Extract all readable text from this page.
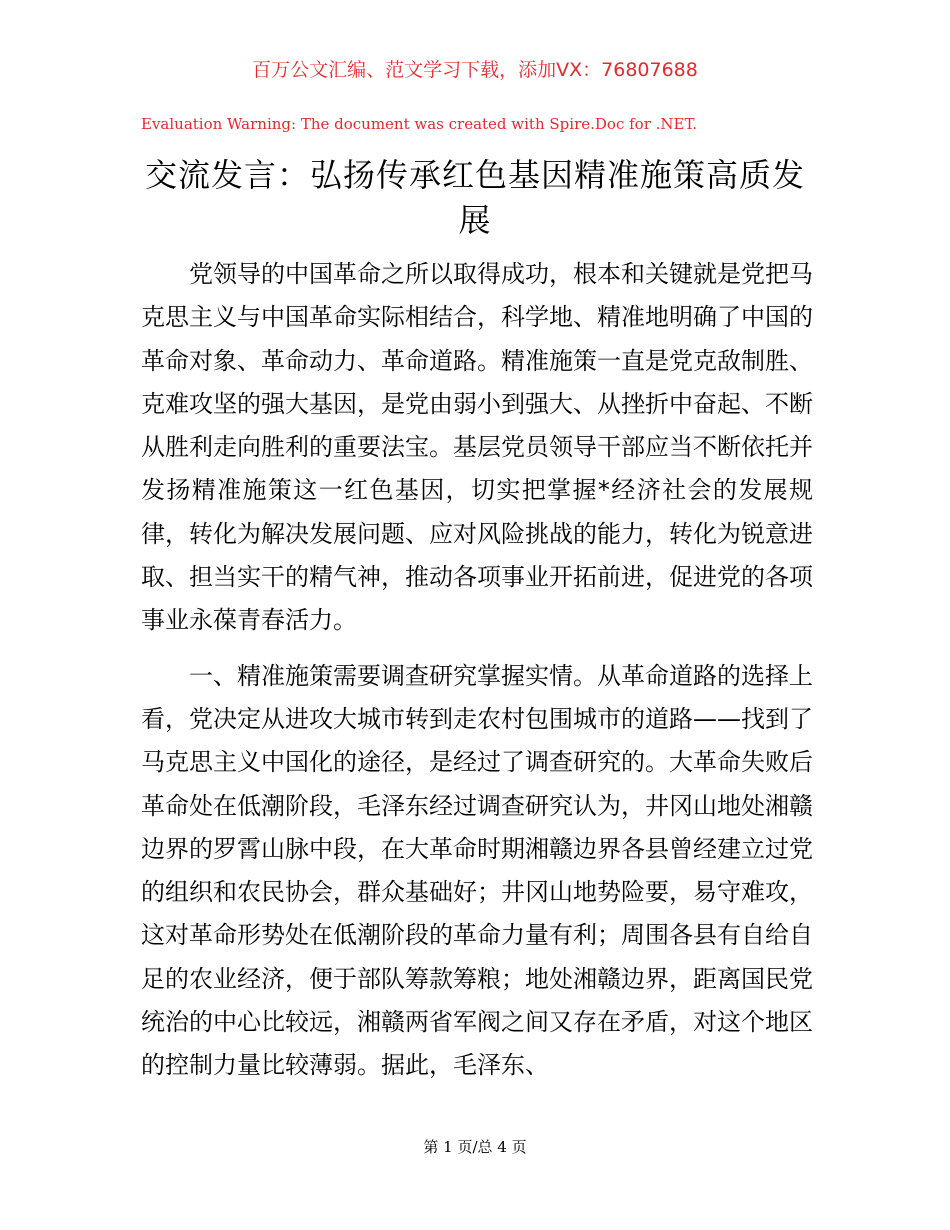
百万公文汇编、范文学习下载，添加VX：76807688
Evaluation Warning: The document was created with Spire.Doc for .NET.
交流发言：弘扬传承红色基因精准施策高质发展

党领导的中国革命之所以取得成功，根本和关键就是党把马克思主义与中国革命实际相结合，科学地、精准地明确了中国的革命对象、革命动力、革命道路。精准施策一直是党克敌制胜、克难攻坚的强大基因，是党由弱小到强大、从挫折中奋起、不断从胜利走向胜利的重要法宝。基层党员领导干部应当不断依托并发扬精准施策这一红色基因，切实把掌握*经济社会的发展规律，转化为解决发展问题、应对风险挑战的能力，转化为锐意进取、担当实干的精气神，推动各项事业开拓前进，促进党的各项事业永葆青春活力。

一、精准施策需要调查研究掌握实情。从革命道路的选择上看，党决定从进攻大城市转到走农村包围城市的道路——找到了马克思主义中国化的途径，是经过了调查研究的。大革命失败后革命处在低潮阶段，毛泽东经过调查研究认为，井冈山地处湘赣边界的罗霄山脉中段，在大革命时期湘赣边界各县曾经建立过党的组织和农民协会，群众基础好；井冈山地势险要，易守难攻，这对革命形势处在低潮阶段的革命力量有利；周围各县有自给自足的农业经济，便于部队筹款筹粮；地处湘赣边界，距离国民党统治的中心比较远，湘赣两省军阀之间又存在矛盾，对这个地区的控制力量比较薄弱。据此，毛泽东、

第 1 页/总 4 页
